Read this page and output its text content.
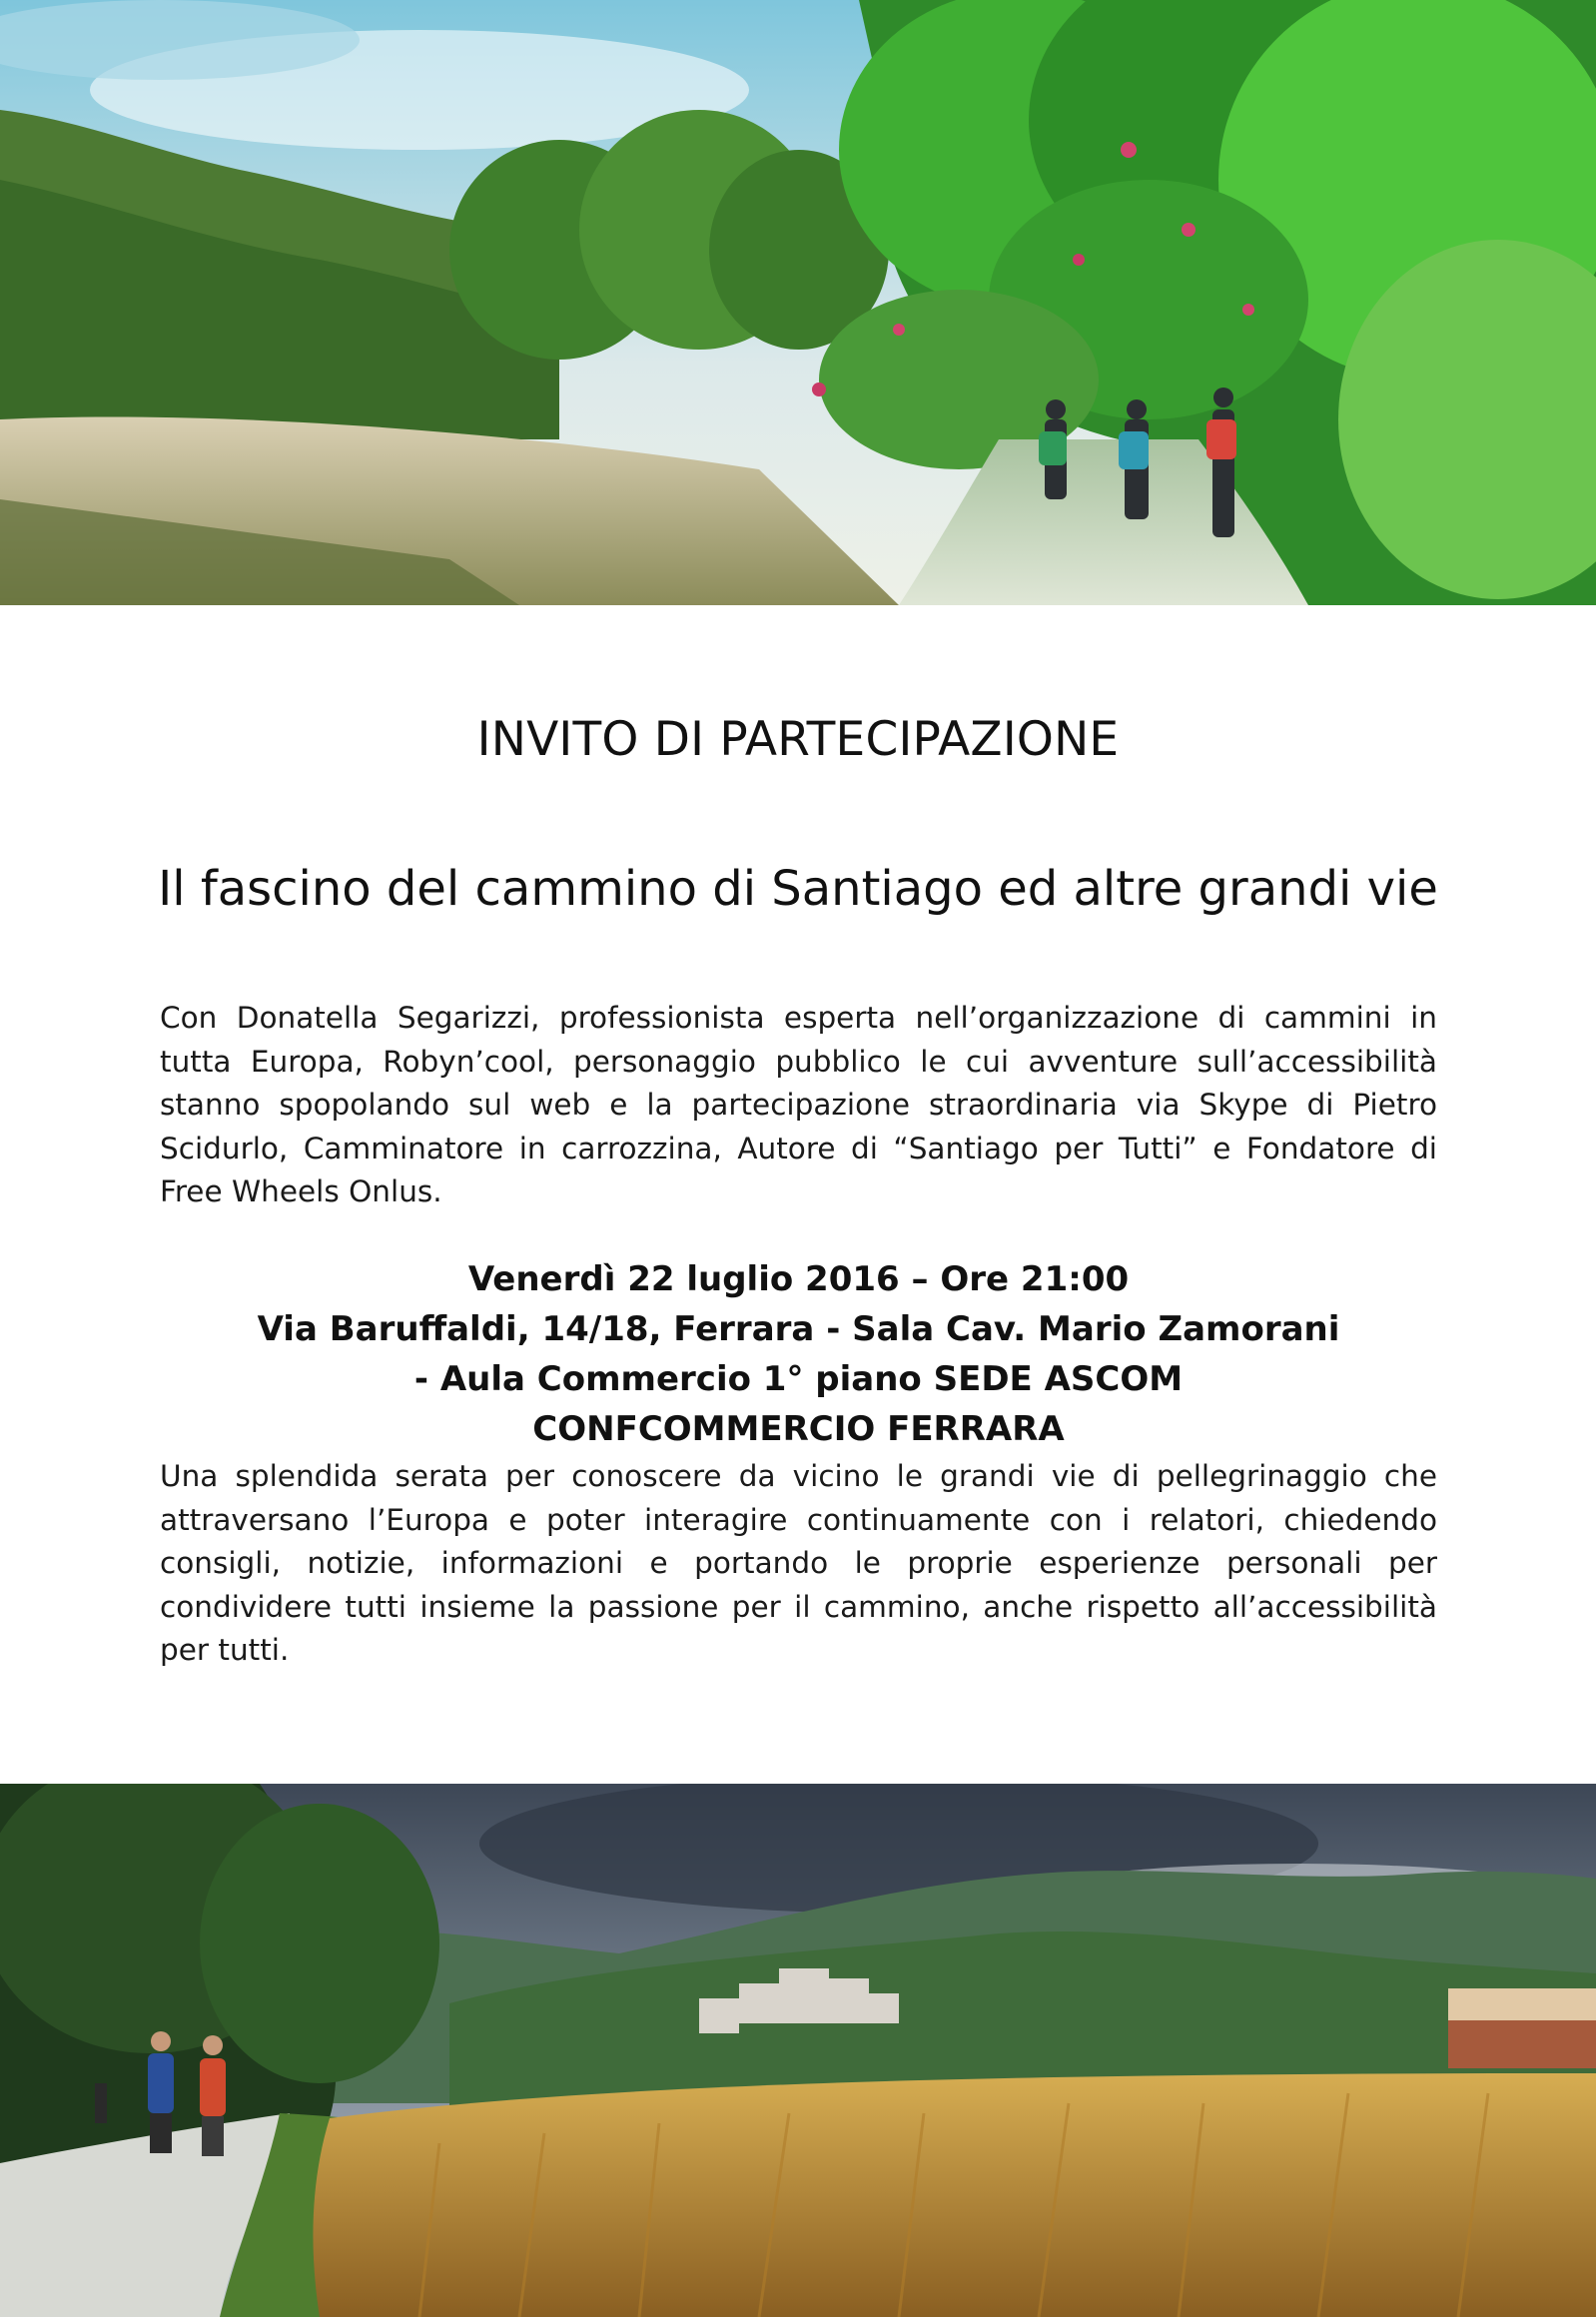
INVITO DI PARTECIPAZIONE
Il fascino del cammino di Santiago ed altre grandi vie

Con Donatella Segarizzi, professionista esperta nell’organizzazione di cammini in tutta Europa, Robyn’cool, personaggio pubblico le cui avventure sull’accessibilità stanno spopolando sul web e la partecipazione straordinaria via Skype di Pietro Scidurlo, Camminatore in carrozzina, Autore di “Santiago per Tutti” e Fondatore di Free Wheels Onlus.

Venerdì 22 luglio 2016 – Ore 21:00
Via Baruffaldi, 14/18, Ferrara - Sala Cav. Mario Zamorani - Aula Commercio 1° piano SEDE ASCOM CONFCOMMERCIO FERRARA

Una splendida serata per conoscere da vicino le grandi vie di pellegrinaggio che attraversano l’Europa e poter interagire continuamente con i relatori, chiedendo consigli, notizie, informazioni e portando le proprie esperienze personali per condividere tutti insieme la passione per il cammino, anche rispetto all’accessibilità per tutti.
